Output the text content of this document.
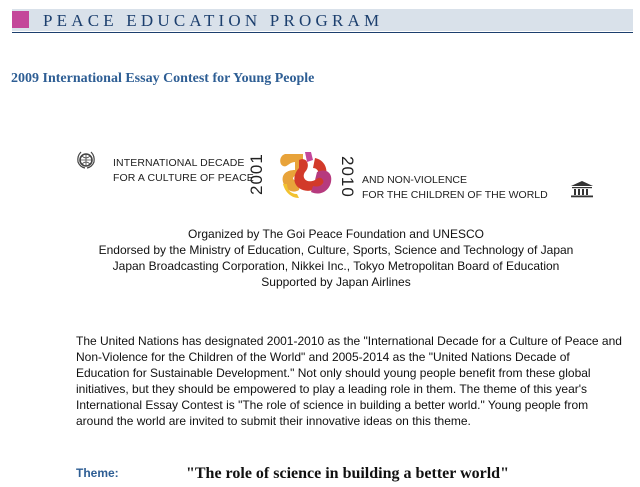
PEACE EDUCATION PROGRAM
2009 International Essay Contest for Young People
INTERNATIONAL DECADE
FOR A CULTURE OF PEACE
2001	2010 AND NON-VIOLENCE
FOR THE CHILDREN OF THE WORLD
Organized by The Goi Peace Foundation and UNESCO
Endorsed by the Ministry of Education, Culture, Sports, Science and Technology of Japan
Japan Broadcasting Corporation, Nikkei Inc., Tokyo Metropolitan Board of Education
Supported by Japan Airlines
The United Nations has designated 2001-2010 as the "International Decade for a Culture of Peace and Non-Violence for the Children of the World" and 2005-2014 as the "United Nations Decade of Education for Sustainable Development." Not only should young people benefit from these global initiatives, but they should be empowered to play a leading role in them. The theme of this year's International Essay Contest is "The role of science in building a better world." Young people from around the world are invited to submit their innovative ideas on this theme.
Theme:	"The role of science in building a better world"
